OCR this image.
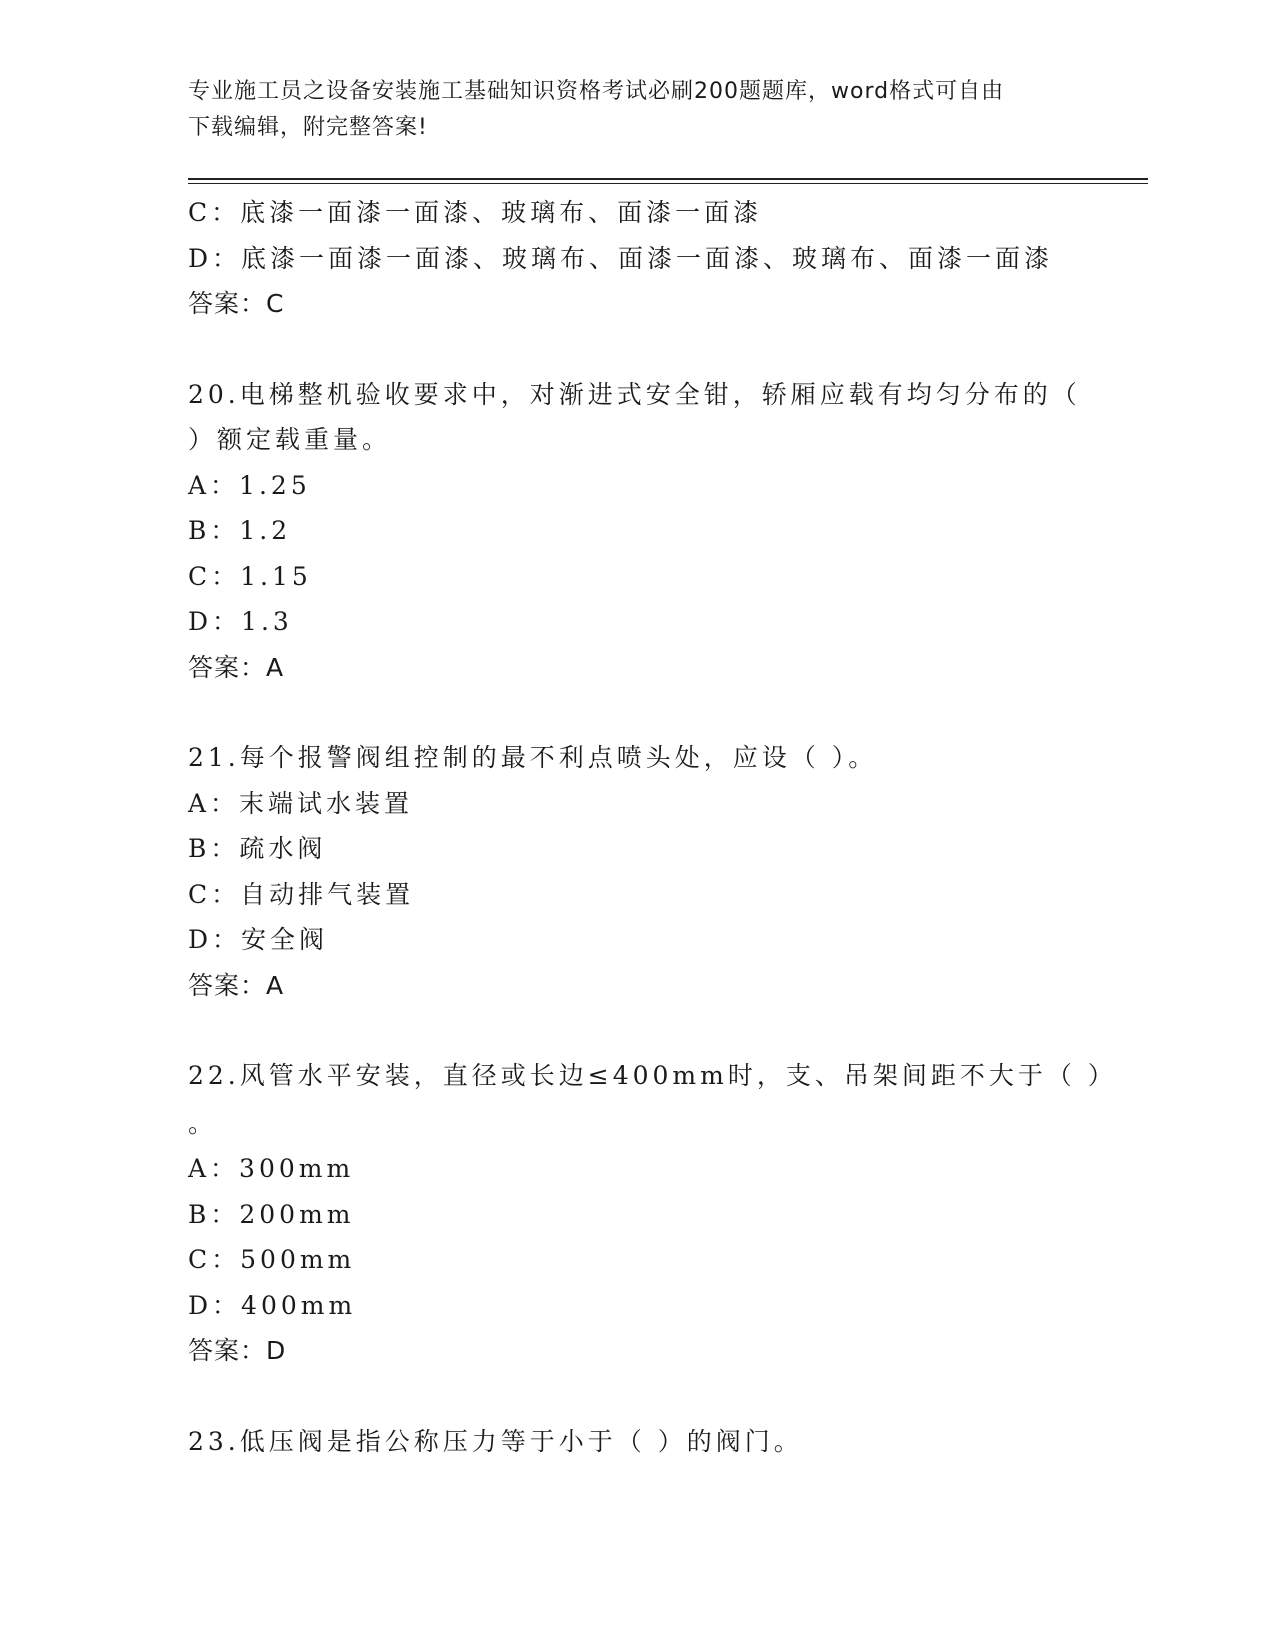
专业施工员之设备安装施工基础知识资格考试必刷200题题库，word格式可自由
下载编辑，附完整答案!
C：底漆一面漆一面漆、玻璃布、面漆一面漆
D：底漆一面漆一面漆、玻璃布、面漆一面漆、玻璃布、面漆一面漆
答案：C
20.电梯整机验收要求中，对渐进式安全钳，轿厢应载有均匀分布的（
）额定载重量。
A：1.25
B：1.2
C：1.15
D：1.3
答案：A
21.每个报警阀组控制的最不利点喷头处，应设（ ）。
A：末端试水装置
B：疏水阀
C：自动排气装置
D：安全阀
答案：A
22.风管水平安装，直径或长边≤400mm时，支、吊架间距不大于（ ）
。
A：300mm
B：200mm
C：500mm
D：400mm
答案：D
23.低压阀是指公称压力等于小于（ ）的阀门。
